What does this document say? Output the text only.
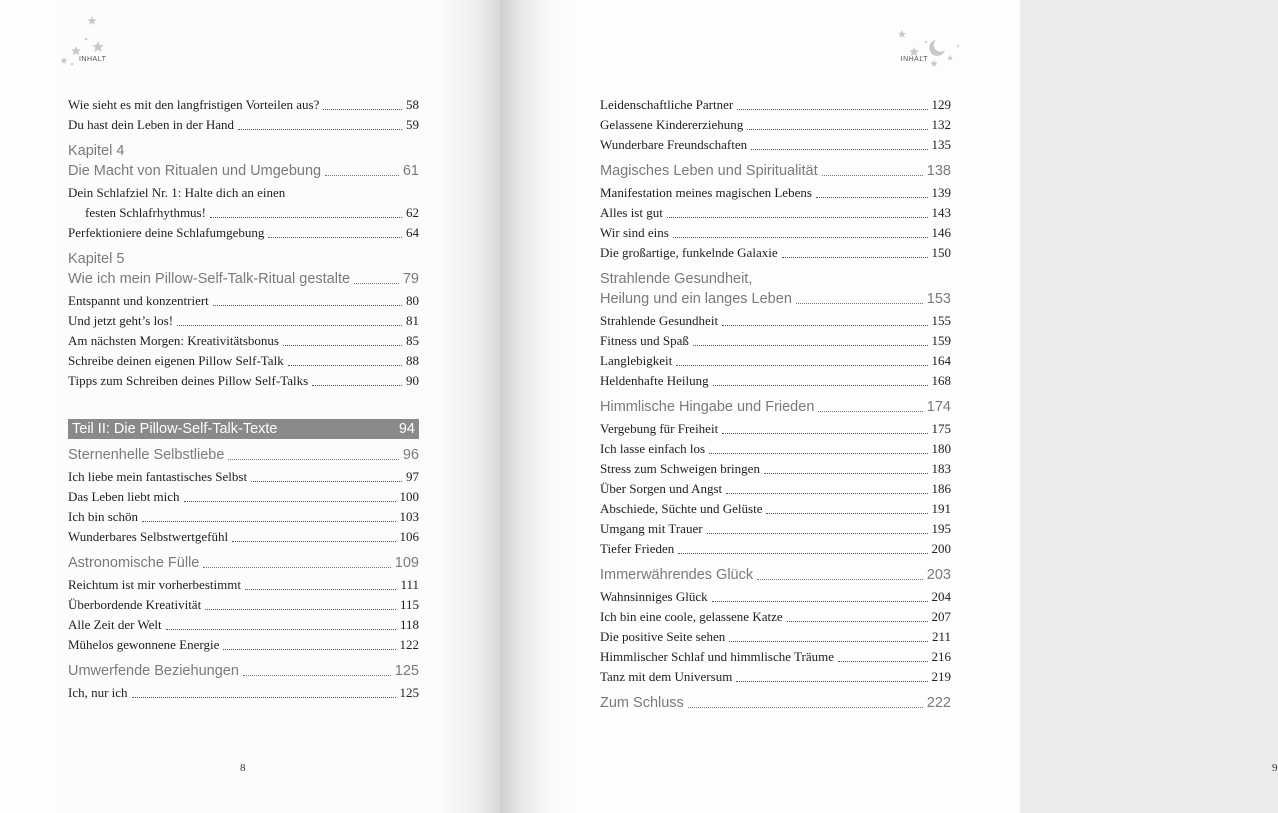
INHALT
Wie sieht es mit den langfristigen Vorteilen aus?	58
Du hast dein Leben in der Hand	59
Kapitel 4
Die Macht von Ritualen und Umgebung	61
Dein Schlafziel Nr. 1: Halte dich an einen
festen Schlafrhythmus!	62
Perfektioniere deine Schlafumgebung	64
Kapitel 5
Wie ich mein Pillow-Self-Talk-Ritual gestalte	79
Entspannt und konzentriert	80
Und jetzt geht’s los!	81
Am nächsten Morgen: Kreativitätsbonus	85
Schreibe deinen eigenen Pillow Self-Talk	88
Tipps zum Schreiben deines Pillow Self-Talks	90
Teil II: Die Pillow-Self-Talk-Texte	94
Sternenhelle Selbstliebe	96
Ich liebe mein fantastisches Selbst	97
Das Leben liebt mich	100
Ich bin schön	103
Wunderbares Selbstwertgefühl	106
Astronomische Fülle	109
Reichtum ist mir vorherbestimmt	111
Überbordende Kreativität	115
Alle Zeit der Welt	118
Mühelos gewonnene Energie	122
Umwerfende Beziehungen	125
Ich, nur ich	125
8
INHALT
9
Leidenschaftliche Partner	129
Gelassene Kindererziehung	132
Wunderbare Freundschaften	135
Magisches Leben und Spiritualität	138
Manifestation meines magischen Lebens	139
Alles ist gut	143
Wir sind eins	146
Die großartige, funkelnde Galaxie	150
Strahlende Gesundheit,
Heilung und ein langes Leben	153
Strahlende Gesundheit	155
Fitness und Spaß	159
Langlebigkeit	164
Heldenhafte Heilung	168
Himmlische Hingabe und Frieden	174
Vergebung für Freiheit	175
Ich lasse einfach los	180
Stress zum Schweigen bringen	183
Über Sorgen und Angst	186
Abschiede, Süchte und Gelüste	191
Umgang mit Trauer	195
Tiefer Frieden	200
Immerwährendes Glück	203
Wahnsinniges Glück	204
Ich bin eine coole, gelassene Katze	207
Die positive Seite sehen	211
Himmlischer Schlaf und himmlische Träume	216
Tanz mit dem Universum	219
Zum Schluss	222
